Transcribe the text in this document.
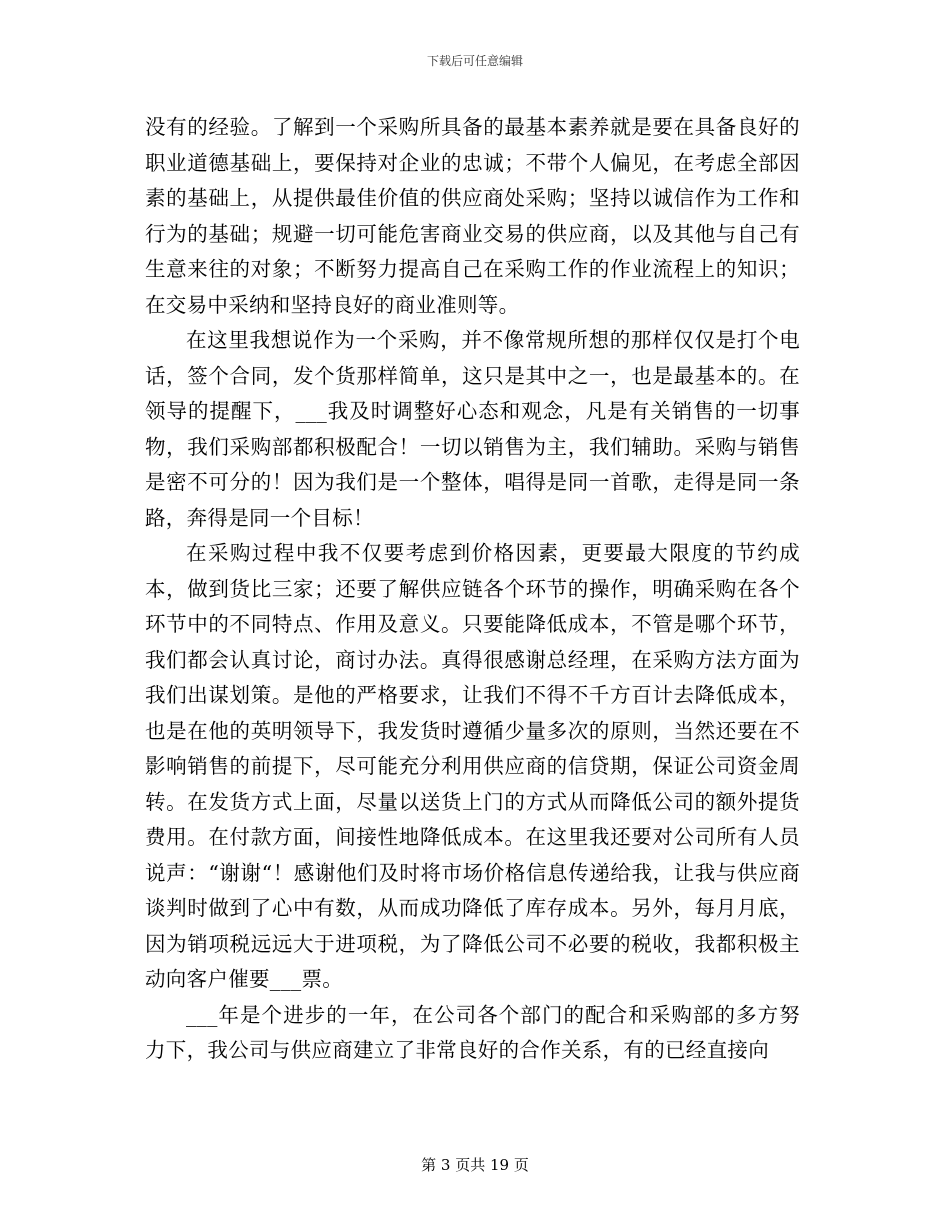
下载后可任意编辑

没有的经验。了解到一个采购所具备的最基本素养就是要在具备良好的职业道德基础上，要保持对企业的忠诚；不带个人偏见，在考虑全部因素的基础上，从提供最佳价值的供应商处采购；坚持以诚信作为工作和行为的基础；规避一切可能危害商业交易的供应商，以及其他与自己有生意来往的对象；不断努力提高自己在采购工作的作业流程上的知识；在交易中采纳和坚持良好的商业准则等。

在这里我想说作为一个采购，并不像常规所想的那样仅仅是打个电话，签个合同，发个货那样简单，这只是其中之一，也是最基本的。在领导的提醒下，___我及时调整好心态和观念，凡是有关销售的一切事物，我们采购部都积极配合！一切以销售为主，我们辅助。采购与销售是密不可分的！因为我们是一个整体，唱得是同一首歌，走得是同一条路，奔得是同一个目标！

在采购过程中我不仅要考虑到价格因素，更要最大限度的节约成本，做到货比三家；还要了解供应链各个环节的操作，明确采购在各个环节中的不同特点、作用及意义。只要能降低成本，不管是哪个环节，我们都会认真讨论，商讨办法。真得很感谢总经理，在采购方法方面为我们出谋划策。是他的严格要求，让我们不得不千方百计去降低成本，也是在他的英明领导下，我发货时遵循少量多次的原则，当然还要在不影响销售的前提下，尽可能充分利用供应商的信贷期，保证公司资金周转。在发货方式上面，尽量以送货上门的方式从而降低公司的额外提货费用。在付款方面，间接性地降低成本。在这里我还要对公司所有人员说声：“谢谢“！感谢他们及时将市场价格信息传递给我，让我与供应商谈判时做到了心中有数，从而成功降低了库存成本。另外，每月月底，因为销项税远远大于进项税，为了降低公司不必要的税收，我都积极主动向客户催要___票。

___年是个进步的一年，在公司各个部门的配合和采购部的多方努力下，我公司与供应商建立了非常良好的合作关系，有的已经直接向

第 3 页共 19 页
